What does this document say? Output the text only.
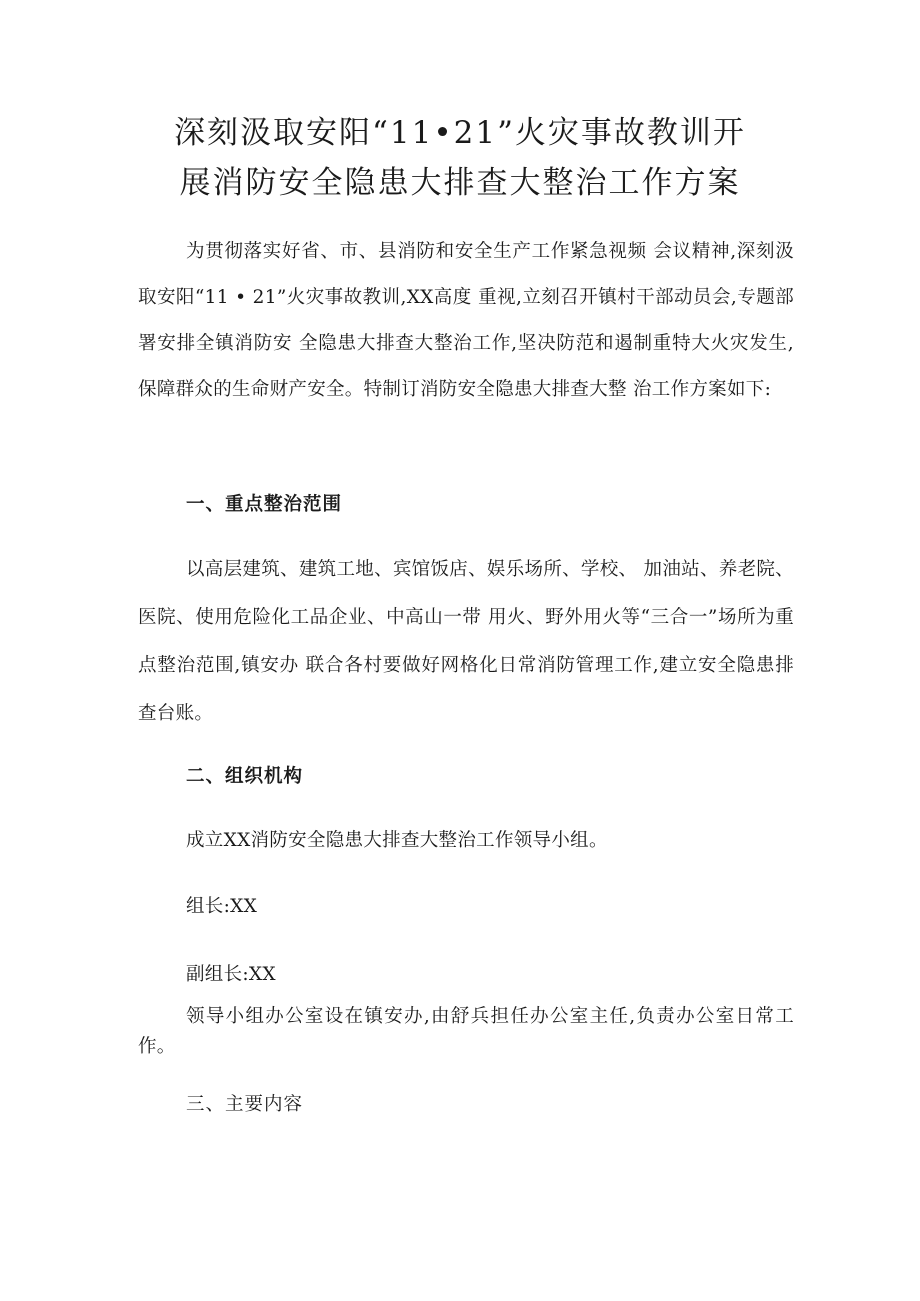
深刻汲取安阳“11•21”火灾事故教训开
展消防安全隐患大排查大整治工作方案
为贯彻落实好省、市、县消防和安全生产工作紧急视频 会议精神,深刻汲取安阳“11 • 21”火灾事故教训,XX高度 重视,立刻召开镇村干部动员会,专题部署安排全镇消防安 全隐患大排查大整治工作,坚决防范和遏制重特大火灾发生, 保障群众的生命财产安全。特制订消防安全隐患大排查大整 治工作方案如下:
一、重点整治范围
以高层建筑、建筑工地、宾馆饭店、娱乐场所、学校、 加油站、养老院、医院、使用危险化工品企业、中高山一带 用火、野外用火等“三合一”场所为重点整治范围,镇安办 联合各村要做好网格化日常消防管理工作,建立安全隐患排 查台账。
二、组织机构
成立XX消防安全隐患大排查大整治工作领导小组。
组长:XX
副组长:XX
领导小组办公室设在镇安办,由舒兵担任办公室主任,负责办公室日常工作。
三、主要内容
